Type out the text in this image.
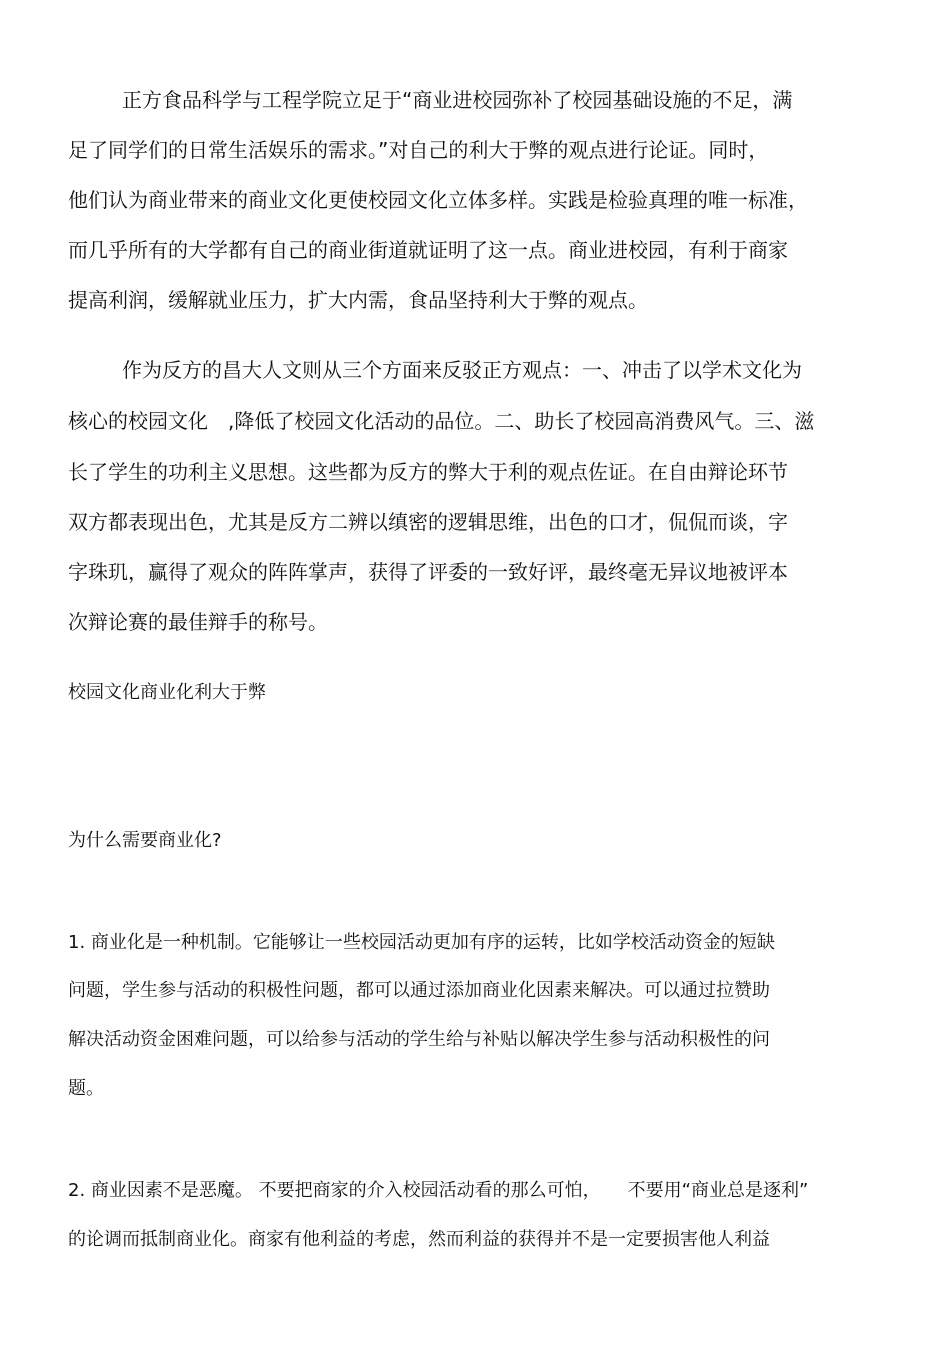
正方食品科学与工程学院立足于“商业进校园弥补了校园基础设施的不足，满
足了同学们的日常生活娱乐的需求。”对自己的利大于弊的观点进行论证。同时，
他们认为商业带来的商业文化更使校园文化立体多样。实践是检验真理的唯一标准，
而几乎所有的大学都有自己的商业街道就证明了这一点。商业进校园，有利于商家
提高利润，缓解就业压力，扩大内需，食品坚持利大于弊的观点。
作为反方的昌大人文则从三个方面来反驳正方观点：一、冲击了以学术文化为
核心的校园文化　,降低了校园文化活动的品位。二、助长了校园高消费风气。三、滋
长了学生的功利主义思想。这些都为反方的弊大于利的观点佐证。在自由辩论环节
双方都表现出色，尤其是反方二辨以缜密的逻辑思维，出色的口才，侃侃而谈，字
字珠玑，赢得了观众的阵阵掌声，获得了评委的一致好评，最终毫无异议地被评本
次辩论赛的最佳辩手的称号。
校园文化商业化利大于弊
为什么需要商业化?
1. 商业化是一种机制。它能够让一些校园活动更加有序的运转，比如学校活动资金的短缺
问题，学生参与活动的积极性问题，都可以通过添加商业化因素来解决。可以通过拉赞助
解决活动资金困难问题，可以给参与活动的学生给与补贴以解决学生参与活动积极性的问
题。
2. 商业因素不是恶魔。 不要把商家的介入校园活动看的那么可怕，　　不要用“商业总是逐利”
的论调而抵制商业化。商家有他利益的考虑，然而利益的获得并不是一定要损害他人利益
